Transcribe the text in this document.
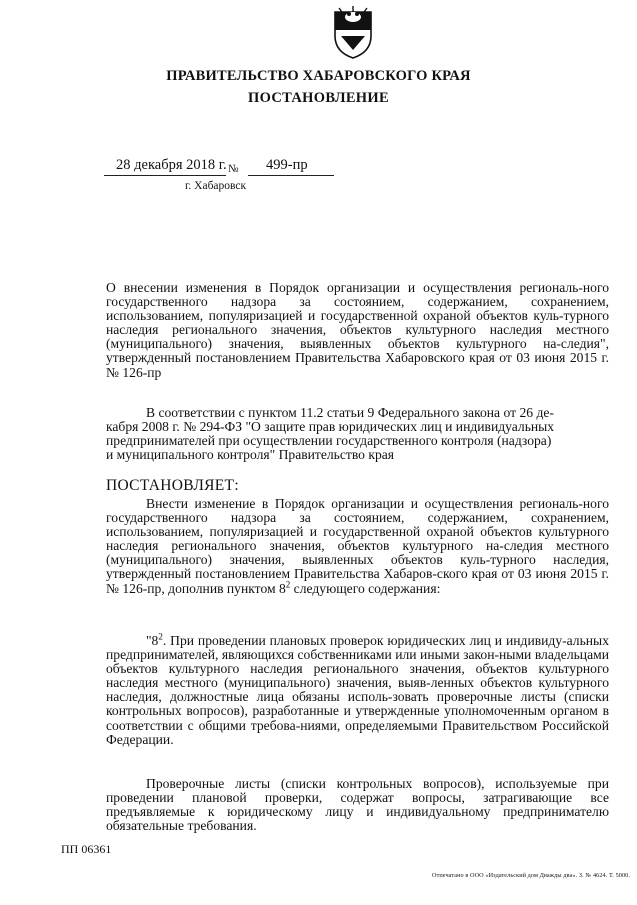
ПРАВИТЕЛЬСТВО ХАБАРОВСКОГО КРАЯ
ПОСТАНОВЛЕНИЕ
28 декабря 2018 г. № 499-пр
г. Хабаровск
О внесении изменения в Порядок организации и осуществления региональ-ного государственного надзора за состоянием, содержанием, сохранением, использованием, популяризацией и государственной охраной объектов куль-турного наследия регионального значения, объектов культурного наследия местного (муниципального) значения, выявленных объектов культурного на-следия", утвержденный постановлением Правительства Хабаровского края от 03 июня 2015 г. № 126-пр
В соответствии с пунктом 11.2 статьи 9 Федерального закона от 26 де-
кабря 2008 г. № 294-ФЗ "О защите прав юридических лиц и индивидуальных
предпринимателей при осуществлении государственного контроля (надзора)
и муниципального контроля" Правительство края
ПОСТАНОВЛЯЕТ:
Внести изменение в Порядок организации и осуществления региональ-ного государственного надзора за состоянием, содержанием, сохранением, использованием, популяризацией и государственной охраной объектов культурного наследия регионального значения, объектов культурного на-следия местного (муниципального) значения, выявленных объектов куль-турного наследия, утвержденный постановлением Правительства Хабаров-ского края от 03 июня 2015 г. № 126-пр, дополнив пунктом $8^2$ следующего содержания:
"$8^2$. При проведении плановых проверок юридических лиц и индивиду-альных предпринимателей, являющихся собственниками или иными закон-ными владельцами объектов культурного наследия регионального значения, объектов культурного наследия местного (муниципального) значения, выяв-ленных объектов культурного наследия, должностные лица обязаны исполь-зовать проверочные листы (списки контрольных вопросов), разработанные и утвержденные уполномоченным органом в соответствии с общими требова-ниями, определяемыми Правительством Российской Федерации.
Проверочные листы (списки контрольных вопросов), используемые при проведении плановой проверки, содержат вопросы, затрагивающие все предъявляемые к юридическому лицу и индивидуальному предпринимателю обязательные требования.
ПП 06361
Отпечатано в ООО «Издательский дом Дважды два». З. № 4624. Т. 5000.
